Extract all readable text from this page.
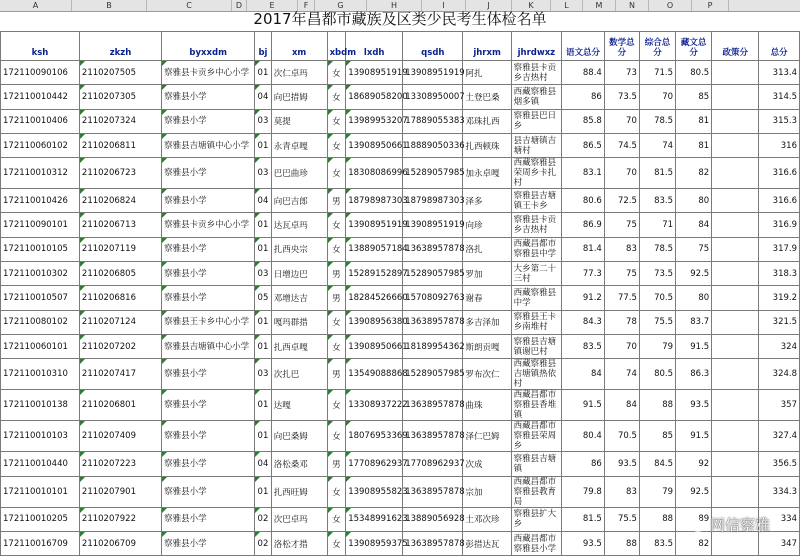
A	B	C	D	E	F	G	H	I	J	K	L	M	N	O	P
2017年昌都市藏族及区类少民考生体检名单
ksh	zkzh	byxxdm	bj	xm	xbdm	lxdh	qsdh	jhrxm	jhrdwxz	语文总分	数学总分	综合总分	藏文总分	政策分	总分
172110090106	2110207505	察雅县卡贡乡中心小学	01	次仁卓玛	女	13908951919	13908951919	阿扎	察雅县卡贡乡吉热村	88.4	73	71.5	80.5		313.4
172110010442	2110207305	察雅县小学	04	向巴措姆	女	18689058200	13308950007	土登巴桑	西藏察雅县烟多镇	86	73.5	70	85		314.5
172110010406	2110207324	察雅县小学	03	莫提	女	13989953207	17889055383	邓珠扎西	察雅县巴日乡	85.8	70	78.5	81		315.3
172110060102	2110206811	察雅县吉塘镇中心小学	01	永青卓嘎	女	13908950661	18889050336	扎西顿珠	县吉塘镇吉塘村	86.5	74.5	74	81		316
172110010312	2110206723	察雅县小学	03	巴巴曲珍	女	18308086996	15289057985	加永卓嘎	西藏察雅县荣周乡卡扎村	83.1	70	81.5	82		316.6
172110010426	2110206824	察雅县小学	04	向巴吉郎	男	18798987303	18798987303	泽多	察雅县吉塘镇王卡乡	80.6	72.5	83.5	80		316.6
172110090101	2110206713	察雅县卡贡乡中心小学	01	达瓦卓玛	女	13908951919	13908951919	向珍	察雅县卡贡乡吉热村	86.9	75	71	84		316.9
172110010105	2110207119	察雅县小学	01	扎西央宗	女	13889057184	13638957878	洛扎	西藏昌都市察雅县中学	81.4	83	78.5	75		317.9
172110010302	2110206805	察雅县小学	03	日增边巴	男	15289152897	15289057985	罗加	大乡第二十三村	77.3	75	73.5	92.5		318.3
172110010507	2110206816	察雅县小学	05	邓增达吉	男	18284526660	15708092763	谢春	西藏察雅县中学	91.2	77.5	70.5	80		319.2
172110080102	2110207124	察雅县王卡乡中心小学	01	嘎玛群措	女	13908956380	13638957878	多吉泽加	察雅县王卡乡南堆村	84.3	78	75.5	83.7		321.5
172110060101	2110207202	察雅县吉塘镇中心小学	01	扎西卓嘎	女	13908950661	18189954362	斯朗贡嘎	察雅县吉塘镇谢巴村	83.5	70	79	91.5		324
172110010310	2110207417	察雅县小学	03	次扎巴	男	13549088868	15289057985	罗布次仁	西藏察雅县吉塘镇热依村	84	74	80.5	86.3		324.8
172110010138	2110206801	察雅县小学	01	达嘎	女	13308937222	13638957878	曲珠	西藏昌都市察雅县香堆镇	91.5	84	88	93.5		357
172110010103	2110207409	察雅县小学	01	向巴桑姆	女	18076953369	13638957878	泽仁巴姆	西藏昌都市察雅县荣周乡	80.4	70.5	85	91.5		327.4
172110010440	2110207223	察雅县小学	04	洛松桑邓	男	17708962937	17708962937	次成	察雅县吉塘镇	86	93.5	84.5	92		356.5
172110010101	2110207901	察雅县小学	01	扎西旺姆	女	13908955823	13638957878	宗加	西藏昌都市察雅县教育局	79.8	83	79	92.5		334.3
172110010205	2110207922	察雅县小学	02	次巴卓玛	女	15348991623	13889056928	土邓次珍	察雅县扩大乡	81.5	75.5	88	89		334
172110016709	2110206709	察雅县小学	02	洛松才措	女	13908959375	13638957878	彭措达瓦	西藏昌都市察雅县小学	93.5	88	83.5	82		347
网信察雅
